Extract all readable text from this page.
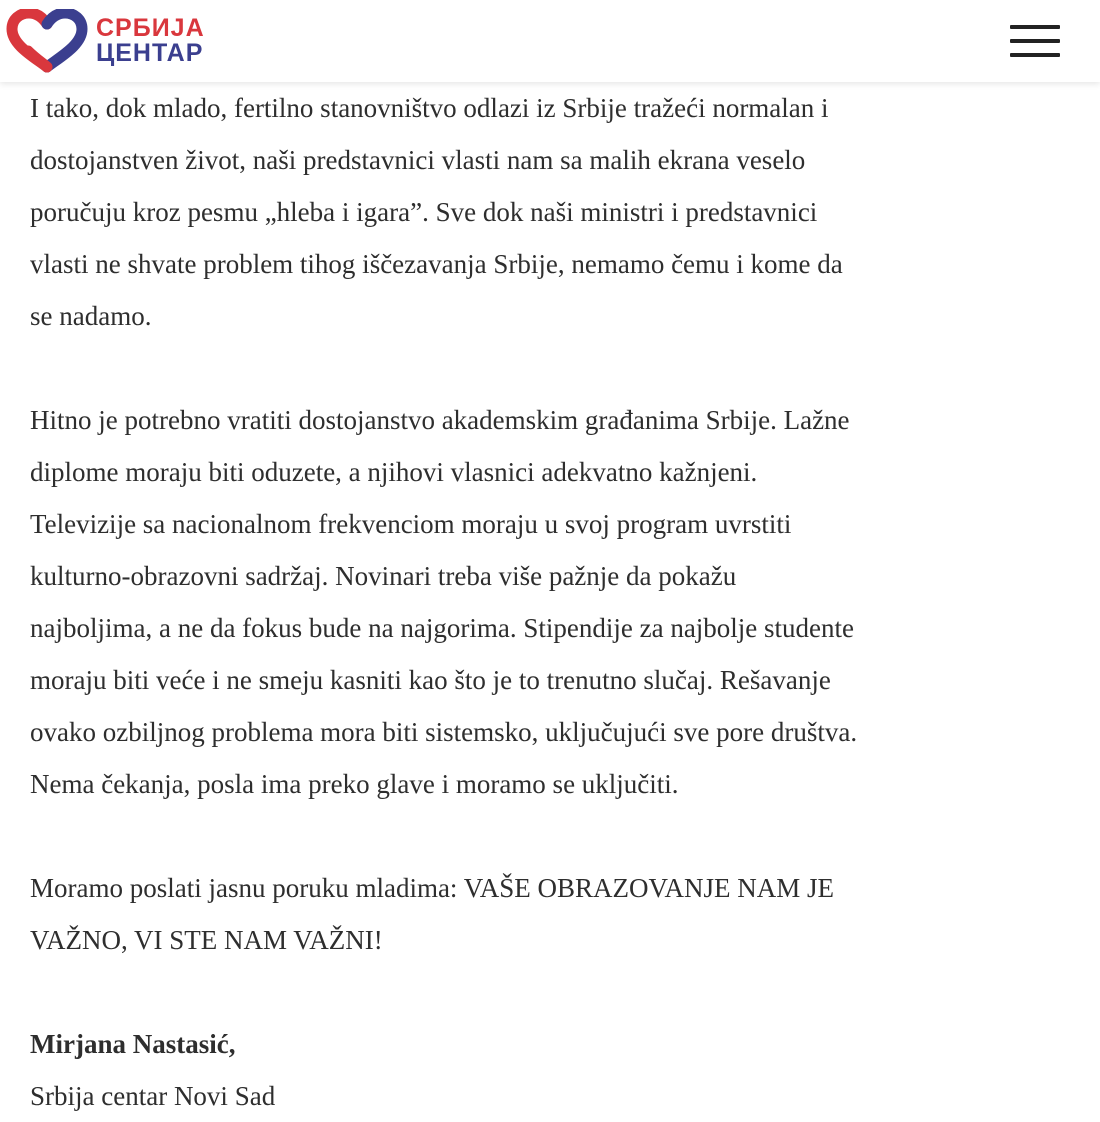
СРБИЈА
ЦЕНТАР

I tako, dok mlado, fertilno stanovništvo odlazi iz Srbije tražeći normalan i
dostojanstven život, naši predstavnici vlasti nam sa malih ekrana veselo
poručuju kroz pesmu „hleba i igara”. Sve dok naši ministri i predstavnici
vlasti ne shvate problem tihog iščezavanja Srbije, nemamo čemu i kome da
se nadamo.

Hitno je potrebno vratiti dostojanstvo akademskim građanima Srbije. Lažne
diplome moraju biti oduzete, a njihovi vlasnici adekvatno kažnjeni.
Televizije sa nacionalnom frekvenciom moraju u svoj program uvrstiti
kulturno-obrazovni sadržaj. Novinari treba više pažnje da pokažu
najboljima, a ne da fokus bude na najgorima. Stipendije za najbolje studente
moraju biti veće i ne smeju kasniti kao što je to trenutno slučaj. Rešavanje
ovako ozbiljnog problema mora biti sistemsko, uključujući sve pore društva.
Nema čekanja, posla ima preko glave i moramo se uključiti.

Moramo poslati jasnu poruku mladima: VAŠE OBRAZOVANJE NAM JE
VAŽNO, VI STE NAM VAŽNI!

Mirjana Nastasić,
Srbija centar Novi Sad
